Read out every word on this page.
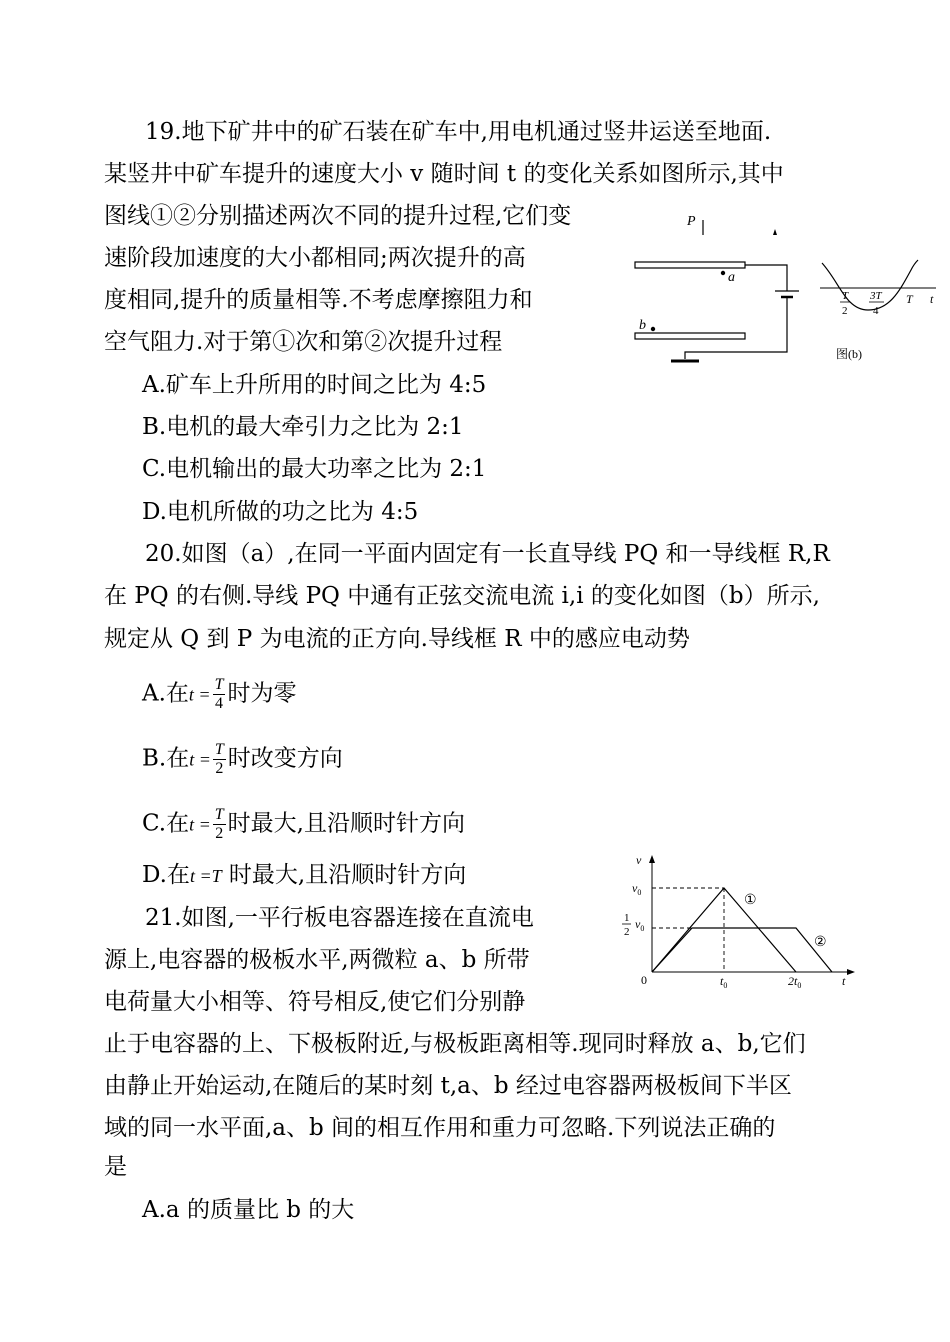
19.地下矿井中的矿石装在矿车中,用电机通过竖井运送至地面.
某竖井中矿车提升的速度大小 v 随时间 t 的变化关系如图所示,其中
图线①②分别描述两次不同的提升过程,它们变
速阶段加速度的大小都相同;两次提升的高
度相同,提升的质量相等.不考虑摩擦阻力和
空气阻力.对于第①次和第②次提升过程
A.矿车上升所用的时间之比为 4:5
B.电机的最大牵引力之比为 2:1
C.电机输出的最大功率之比为 2:1
D.电机所做的功之比为 4:5
20.如图（a）,在同一平面内固定有一长直导线 PQ 和一导线框 R,R
在 PQ 的右侧.导线 PQ 中通有正弦交流电流 i,i 的变化如图（b）所示,
规定从 Q 到 P 为电流的正方向.导线框 R 中的感应电动势
A.在$t = \frac{T}{4}$ 时为零
B.在$t = \frac{T}{2}$ 时改变方向
C.在$t = \frac{T}{2}$ 时最大,且沿顺时针方向
D.在t =T 时最大,且沿顺时针方向
21.如图,一平行板电容器连接在直流电
源上,电容器的极板水平,两微粒 a、b 所带
电荷量大小相等、符号相反,使它们分别静
止于电容器的上、下极板附近,与极板距离相等.现同时释放 a、b,它们
由静止开始运动,在随后的某时刻 t,a、b 经过电容器两极板间下半区
域的同一水平面,a、b 间的相互作用和重力可忽略.下列说法正确的
是
A.a 的质量比 b 的大
P
a
b
T
2
3T
4
T t
图(b)
v
t
0
$v_0$
1
2
$v_0$
①
②
$t_0$	$2t_0$
